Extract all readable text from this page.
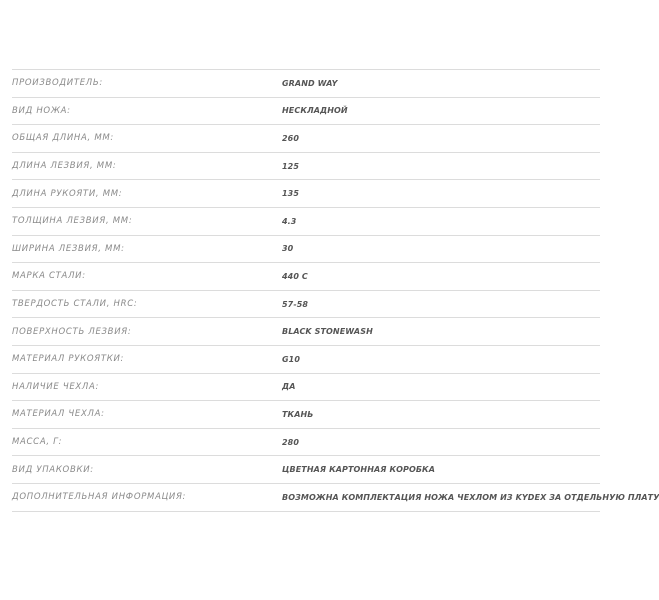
ПРОИЗВОДИТЕЛЬ:	GRAND WAY
ВИД НОЖА:	НЕСКЛАДНОЙ
ОБЩАЯ ДЛИНА, ММ:	260
ДЛИНА ЛЕЗВИЯ, ММ:	125
ДЛИНА РУКОЯТИ, ММ:	135
ТОЛЩИНА ЛЕЗВИЯ, ММ:	4.3
ШИРИНА ЛЕЗВИЯ, ММ:	30
МАРКА СТАЛИ:	440 С
ТВЕРДОСТЬ СТАЛИ, HRC:	57-58
ПОВЕРХНОСТЬ ЛЕЗВИЯ:	BLACK STONEWASH
МАТЕРИАЛ РУКОЯТКИ:	G10
НАЛИЧИЕ ЧЕХЛА:	ДА
МАТЕРИАЛ ЧЕХЛА:	ТКАНЬ
МАССА, Г:	280
ВИД УПАКОВКИ:	ЦВЕТНАЯ КАРТОННАЯ КОРОБКА
ДОПОЛНИТЕЛЬНАЯ ИНФОРМАЦИЯ:	ВОЗМОЖНА КОМПЛЕКТАЦИЯ НОЖА ЧЕХЛОМ ИЗ KYDEX ЗА ОТДЕЛЬНУЮ ПЛАТУ
